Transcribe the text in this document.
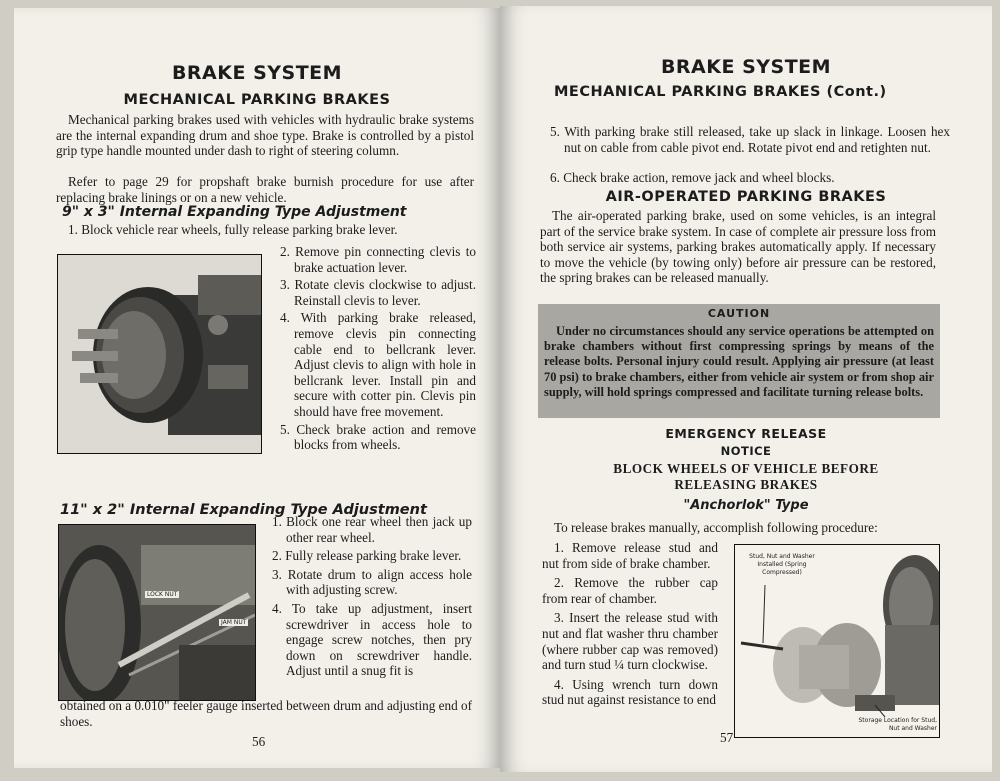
BRAKE SYSTEM
MECHANICAL PARKING BRAKES

Mechanical parking brakes used with vehicles with hydraulic brake systems are the internal expanding drum and shoe type. Brake is controlled by a pistol grip type handle mounted under dash to right of steering column.

Refer to page 29 for propshaft brake burnish procedure for use after replacing brake linings or on a new vehicle.

9" x 3" Internal Expanding Type Adjustment

1. Block vehicle rear wheels, fully release parking brake lever.

2. Remove pin connecting clevis to brake actuation lever.

3. Rotate clevis clockwise to adjust. Reinstall clevis to lever.

4. With parking brake released, remove clevis pin connecting cable end to bellcrank lever. Adjust clevis to align with hole in bellcrank lever. Install pin and secure with cotter pin. Clevis pin should have free movement.

5. Check brake action and remove blocks from wheels.

11" x 2" Internal Expanding Type Adjustment
LOCK NUT
JAM NUT

1. Block one rear wheel then jack up other rear wheel.

2. Fully release parking brake lever.

3. Rotate drum to align access hole with adjusting screw.

4. To take up adjustment, insert screwdriver in access hole to engage screw notches, then pry down on screwdriver handle. Adjust until a snug fit is

obtained on a 0.010" feeler gauge inserted between drum and adjusting end of shoes.

56
BRAKE SYSTEM
MECHANICAL PARKING BRAKES (Cont.)

5. With parking brake still released, take up slack in linkage. Loosen hex nut on cable from cable pivot end. Rotate pivot end and retighten nut.

6. Check brake action, remove jack and wheel blocks.

AIR-OPERATED PARKING BRAKES

The air-operated parking brake, used on some vehicles, is an integral part of the service brake system. In case of complete air pressure loss from both service air systems, parking brakes automatically apply. If necessary to move the vehicle (by towing only) before air pressure can be restored, the spring brakes can be released manually.

CAUTION

Under no circumstances should any service operations be attempted on brake chambers without first compressing springs by means of the release bolts. Personal injury could result. Applying air pressure (at least 70 psi) to brake chambers, either from vehicle air system or from shop air supply, will hold springs compressed and facilitate turning release bolts.

EMERGENCY RELEASE
NOTICE
BLOCK WHEELS OF VEHICLE BEFORE
RELEASING BRAKES
"Anchorlok" Type

To release brakes manually, accomplish following procedure:

1. Remove release stud and nut from side of brake chamber.

2. Remove the rubber cap from rear of chamber.

3. Insert the release stud with nut and flat washer thru chamber (where rubber cap was removed) and turn stud ¼ turn clockwise.

4. Using wrench turn down stud nut against resistance to end

Stud, Nut and Washer Installed (Spring Compressed)
Storage Location for Stud, Nut and Washer
57
